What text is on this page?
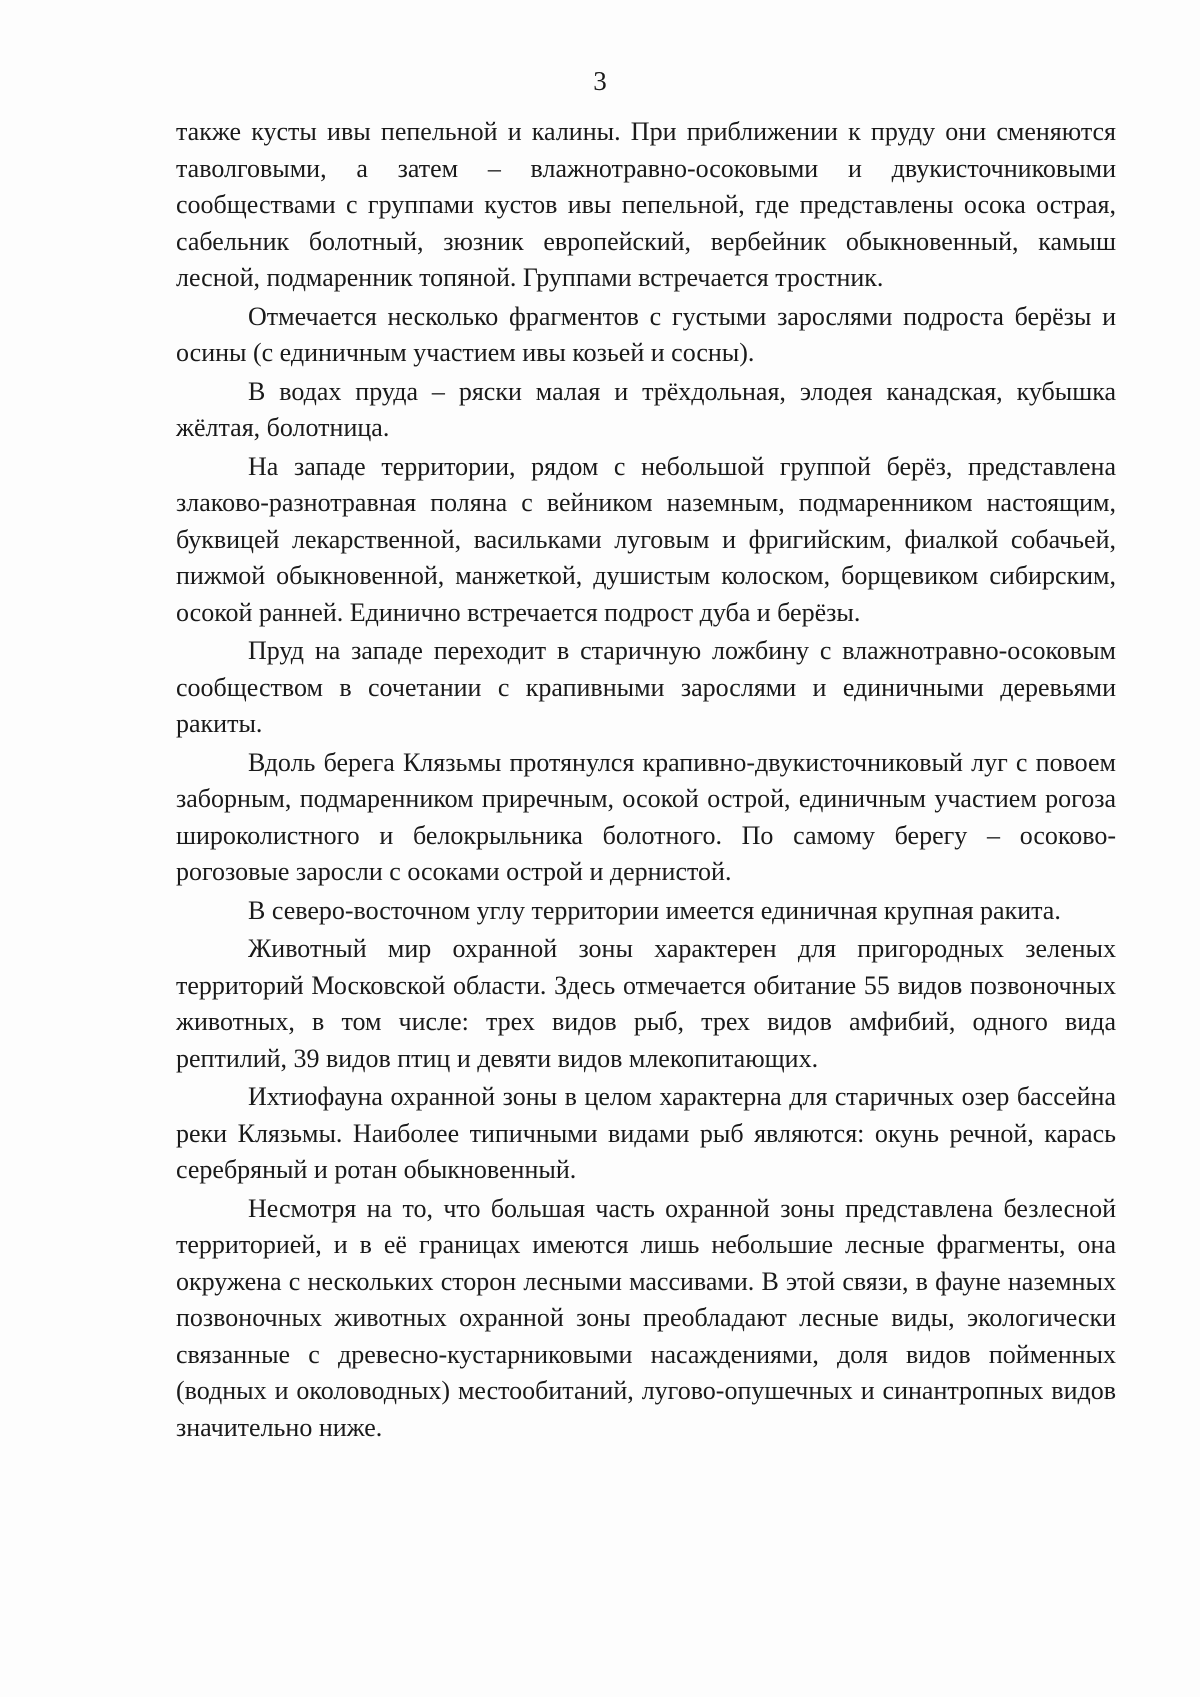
3

также кусты ивы пепельной и калины. При приближении к пруду они сменяются таволговыми, а затем – влажнотравно-осоковыми и двукисточниковыми сообществами с группами кустов ивы пепельной, где представлены осока острая, сабельник болотный, зюзник европейский, вербейник обыкновенный, камыш лесной, подмаренник топяной. Группами встречается тростник.

Отмечается несколько фрагментов с густыми зарослями подроста берёзы и осины (с единичным участием ивы козьей и сосны).

В водах пруда – ряски малая и трёхдольная, элодея канадская, кубышка жёлтая, болотница.

На западе территории, рядом с небольшой группой берёз, представлена злаково-разнотравная поляна с вейником наземным, подмаренником настоящим, буквицей лекарственной, васильками луговым и фригийским, фиалкой собачьей, пижмой обыкновенной, манжеткой, душистым колоском, борщевиком сибирским, осокой ранней. Единично встречается подрост дуба и берёзы.

Пруд на западе переходит в старичную ложбину с влажнотравно-осоковым сообществом в сочетании с крапивными зарослями и единичными деревьями ракиты.

Вдоль берега Клязьмы протянулся крапивно-двукисточниковый луг с повоем заборным, подмаренником приречным, осокой острой, единичным участием рогоза широколистного и белокрыльника болотного. По самому берегу – осоково-рогозовые заросли с осоками острой и дернистой.

В северо-восточном углу территории имеется единичная крупная ракита.

Животный мир охранной зоны характерен для пригородных зеленых территорий Московской области. Здесь отмечается обитание 55 видов позвоночных животных, в том числе: трех видов рыб, трех видов амфибий, одного вида рептилий, 39 видов птиц и девяти видов млекопитающих.

Ихтиофауна охранной зоны в целом характерна для старичных озер бассейна реки Клязьмы. Наиболее типичными видами рыб являются: окунь речной, карась серебряный и ротан обыкновенный.

Несмотря на то, что большая часть охранной зоны представлена безлесной территорией, и в её границах имеются лишь небольшие лесные фрагменты, она окружена с нескольких сторон лесными массивами. В этой связи, в фауне наземных позвоночных животных охранной зоны преобладают лесные виды, экологически связанные с древесно-кустарниковыми насаждениями, доля видов пойменных (водных и околоводных) местообитаний, лугово-опушечных и синантропных видов значительно ниже.
